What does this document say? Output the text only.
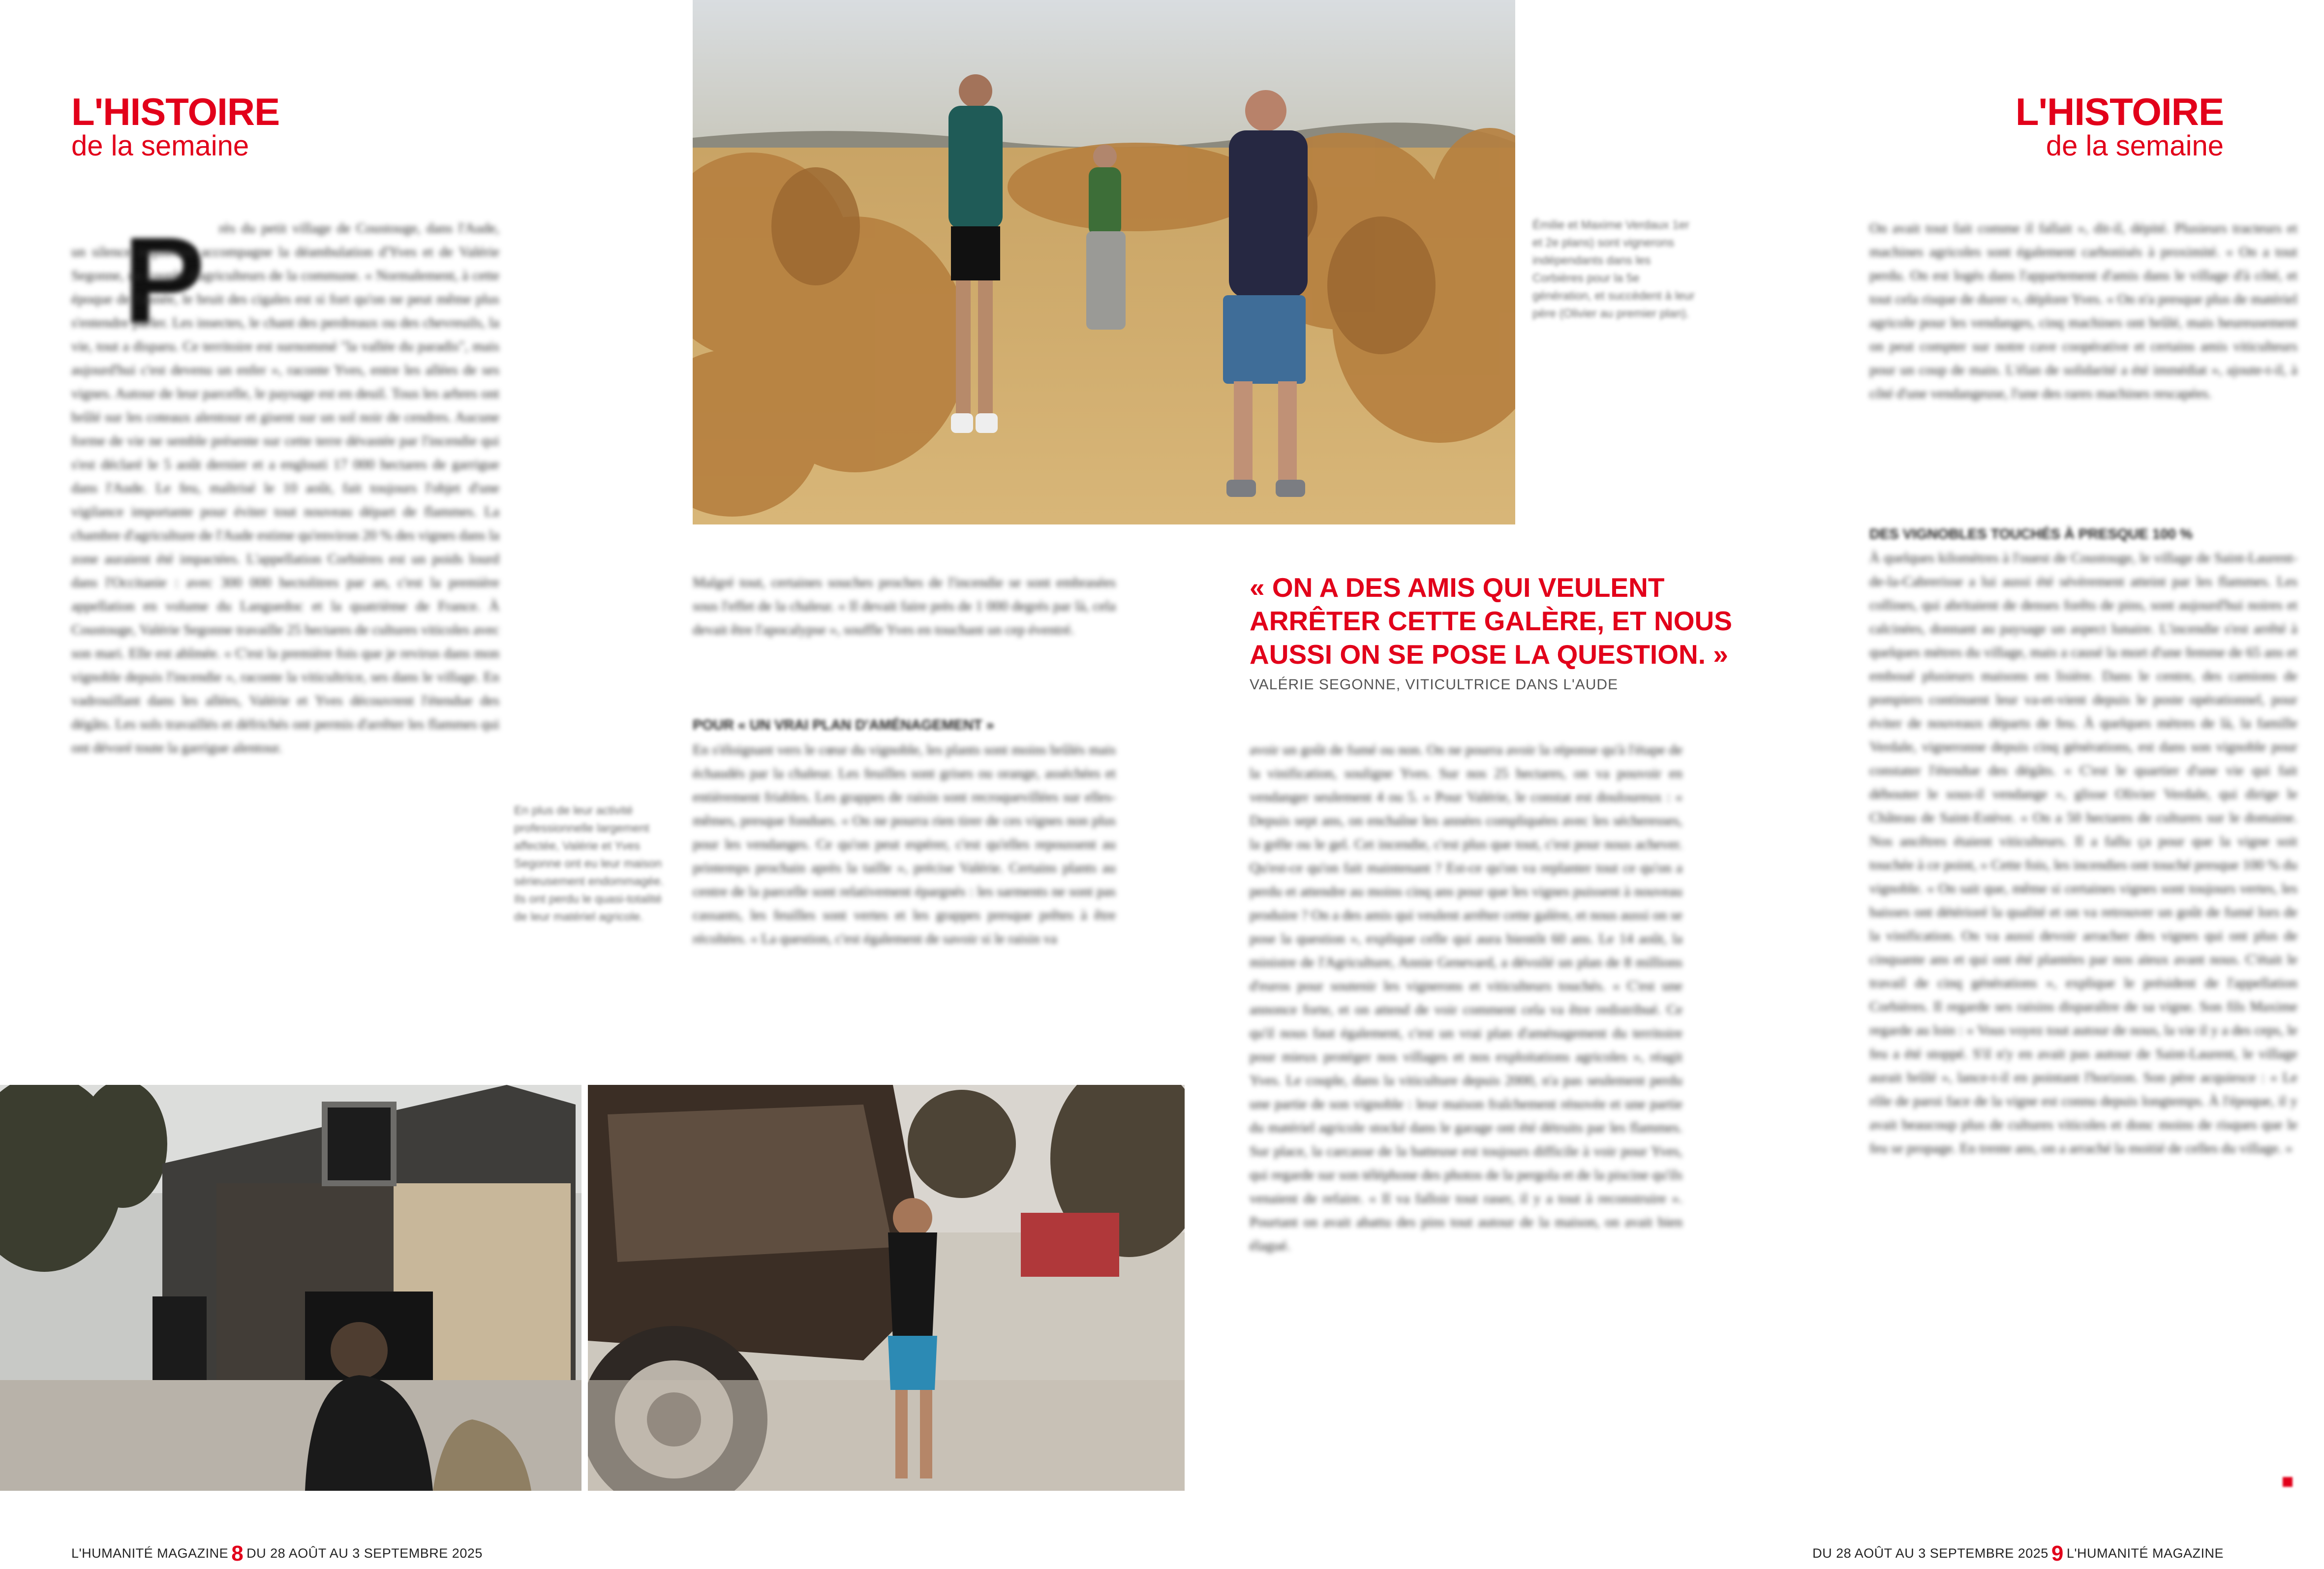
L'HISTOIRE
de la semaine
L'HISTOIRE
de la semaine
Émilie et Maxime Verdaux 1er et 2e plans) sont vignerons indépendants dans les Corbières pour la 5e génération, et succèdent à leur père (Olivier au premier plan).
P rès du petit village de Coustouge, dans l'Aude, un silence inquiétant accompagne la déambulation d'Yves et de Valérie Segonne, un couple d'agriculteurs de la commune. « Normalement, à cette époque de l'année, le bruit des cigales est si fort qu'on ne peut même plus s'entendre parler. Les insectes, le chant des perdreaux ou des chevreuils, la vie, tout a disparu. Ce territoire est surnommé "la vallée du paradis", mais aujourd'hui c'est devenu un enfer », raconte Yves, entre les allées de ses vignes. Autour de leur parcelle, le paysage est en deuil. Tous les arbres ont brûlé sur les coteaux alentour et gisent sur un sol noir de cendres. Aucune forme de vie ne semble présente sur cette terre dévastée par l'incendie qui s'est déclaré le 5 août dernier et a englouti 17 000 hectares de garrigue dans l'Aude. Le feu, maîtrisé le 10 août, fait toujours l'objet d'une vigilance importante pour éviter tout nouveau départ de flammes. La chambre d'agriculture de l'Aude estime qu'environ 20 % des vignes dans la zone auraient été impactées. L'appellation Corbières est un poids lourd dans l'Occitanie : avec 300 000 hectolitres par an, c'est la première appellation en volume du Languedoc et la quatrième de France. À Coustouge, Valérie Segonne travaille 25 hectares de cultures viticoles avec son mari. Elle est abîmée. « C'est la première fois que je revirus dans mon vignoble depuis l'incendie », raconte la viticultrice, ses dans le village. En vadrouillant dans les allées, Valérie et Yves découvrent l'étendue des dégâts. Les sols travaillés et défrichés ont permis d'arrêter les flammes qui ont dévoré toute la garrigue alentour.
En plus de leur activité professionnelle largement affectée, Valérie et Yves Segonne ont eu leur maison sérieusement endommagée. Ils ont perdu le quasi-totalité de leur matériel agricole.
Malgré tout, certaines souches proches de l'incendie se sont embrasées sous l'effet de la chaleur. « Il devait faire près de 1 000 degrés par là, cela devait être l'apocalypse », souffle Yves en touchant un cep éventré.
POUR « UN VRAI PLAN D'AMÉNAGEMENT »
En s'éloignant vers le cœur du vignoble, les plants sont moins brûlés mais échaudés par la chaleur. Les feuilles sont grises ou orange, asséchées et entièrement friables. Les grappes de raisin sont recroquevillées sur elles-mêmes, presque fondues. « On ne pourra rien tirer de ces vignes non plus pour les vendanges. Ce qu'on peut espérer, c'est qu'elles repoussent au printemps prochain après la taille », précise Valérie. Certains plants au centre de la parcelle sont relativement épargnés : les sarments ne sont pas cassants, les feuilles sont vertes et les grappes presque prêtes à être récoltées. « La question, c'est également de savoir si le raisin va
« ON A DES AMIS QUI VEULENT ARRÊTER CETTE GALÈRE, ET NOUS AUSSI ON SE POSE LA QUESTION. »
VALÉRIE SEGONNE, VITICULTRICE DANS L'AUDE
avoir un goût de fumé ou non. On ne pourra avoir la réponse qu'à l'étape de la vinification, souligne Yves. Sur nos 25 hectares, on va pouvoir en vendanger seulement 4 ou 5. » Pour Valérie, le constat est douloureux : « Depuis sept ans, on enchaîne les années compliquées avec les sécheresses, la grêle ou le gel. Cet incendie, c'est plus que tout, c'est pour nous achever. Qu'est-ce qu'on fait maintenant ? Est-ce qu'on va replanter tout ce qu'on a perdu et attendre au moins cinq ans pour que les vignes puissent à nouveau produire ? On a des amis qui veulent arrêter cette galère, et nous aussi on se pose la question », explique celle qui aura bientôt 60 ans. Le 14 août, la ministre de l'Agriculture, Annie Genevard, a dévoilé un plan de 8 millions d'euros pour soutenir les vignerons et viticulteurs touchés. « C'est une annonce forte, et on attend de voir comment cela va être redistribué. Ce qu'il nous faut également, c'est un vrai plan d'aménagement du territoire pour mieux protéger nos villages et nos exploitations agricoles », réagit Yves. Le couple, dans la viticulture depuis 2000, n'a pas seulement perdu une partie de son vignoble : leur maison fraîchement rénovée et une partie du matériel agricole stocké dans le garage ont été détruits par les flammes. Sur place, la carcasse de la batteuse est toujours difficile à voir pour Yves, qui regarde sur son téléphone des photos de la pergola et de la piscine qu'ils venaient de refaire. « Il va falloir tout raser, il y a tout à reconstruire ». Pourtant on avait abattu des pins tout autour de la maison, on avait bien élagué.
On avait tout fait comme il fallait », dit-il, dépité. Plusieurs tracteurs et machines agricoles sont également carbonisés à proximité. « On a tout perdu. On est logés dans l'appartement d'amis dans le village d'à côté, et tout cela risque de durer », déplore Yves. « On n'a presque plus de matériel agricole pour les vendanges, cinq machines ont brûlé, mais heureusement on peut compter sur notre cave coopérative et certains amis viticulteurs pour un coup de main. L'élan de solidarité a été immédiat », ajoute-t-il, à côté d'une vendangeuse, l'une des rares machines rescapées.
DES VIGNOBLES TOUCHÉS À PRESQUE 100 %
À quelques kilomètres à l'ouest de Coustouge, le village de Saint-Laurent-de-la-Cabrerisse a lui aussi été sévèrement atteint par les flammes. Les collines, qui abritaient de denses forêts de pins, sont aujourd'hui noires et calcinées, donnant au paysage un aspect lunaire. L'incendie s'est arrêté à quelques mètres du village, mais a causé la mort d'une femme de 65 ans et emboué plusieurs maisons en lisière. Dans le centre, des camions de pompiers continuent leur va-et-vient depuis le poste opérationnel, pour éviter de nouveaux départs de feu. À quelques mètres de là, la famille Verdale, vigneronne depuis cinq générations, est dans son vignoble pour constater l'étendue des dégâts. « C'est le quartier d'une vie qui fait débouter le sous-il vendange », glisse Olivier Verdale, qui dirige le Château de Saint-Estève. « On a 50 hectares de cultures sur le domaine. Nos ancêtres étaient viticulteurs. Il a fallu ça pour que la vigne soit touchée à ce point, » Cette fois, les incendies ont touché presque 100 % du vignoble. « On sait que, même si certaines vignes sont toujours vertes, les baisses ont détérioré la qualité et on va retrouver un goût de fumé lors de la vinification. On va aussi devoir arracher des vignes qui ont plus de cinquante ans et qui ont été plantées par nos aïeux avant nous. C'était le travail de cinq générations », explique le président de l'appellation Corbières. Il regarde ses raisins disparaître de sa vigne. Son fils Maxime regarde au loin : « Vous voyez tout autour de nous, la vie il y a des ceps, le feu a été stoppé. S'il n'y en avait pas autour de Saint-Laurent, le village aurait brûlé », lance-t-il en pointant l'horizon. Son père acquiesce : « Le rôle de paroi face de la vigne est connu depuis longtemps. À l'époque, il y avait beaucoup plus de cultures viticoles et donc moins de risques que le feu se propage. En trente ans, on a arraché la moitié de celles du village. »
L'HUMANITÉ MAGAZINE 8 DU 28 AOÛT AU 3 SEPTEMBRE 2025	DU 28 AOÛT AU 3 SEPTEMBRE 2025 9 L'HUMANITÉ MAGAZINE
